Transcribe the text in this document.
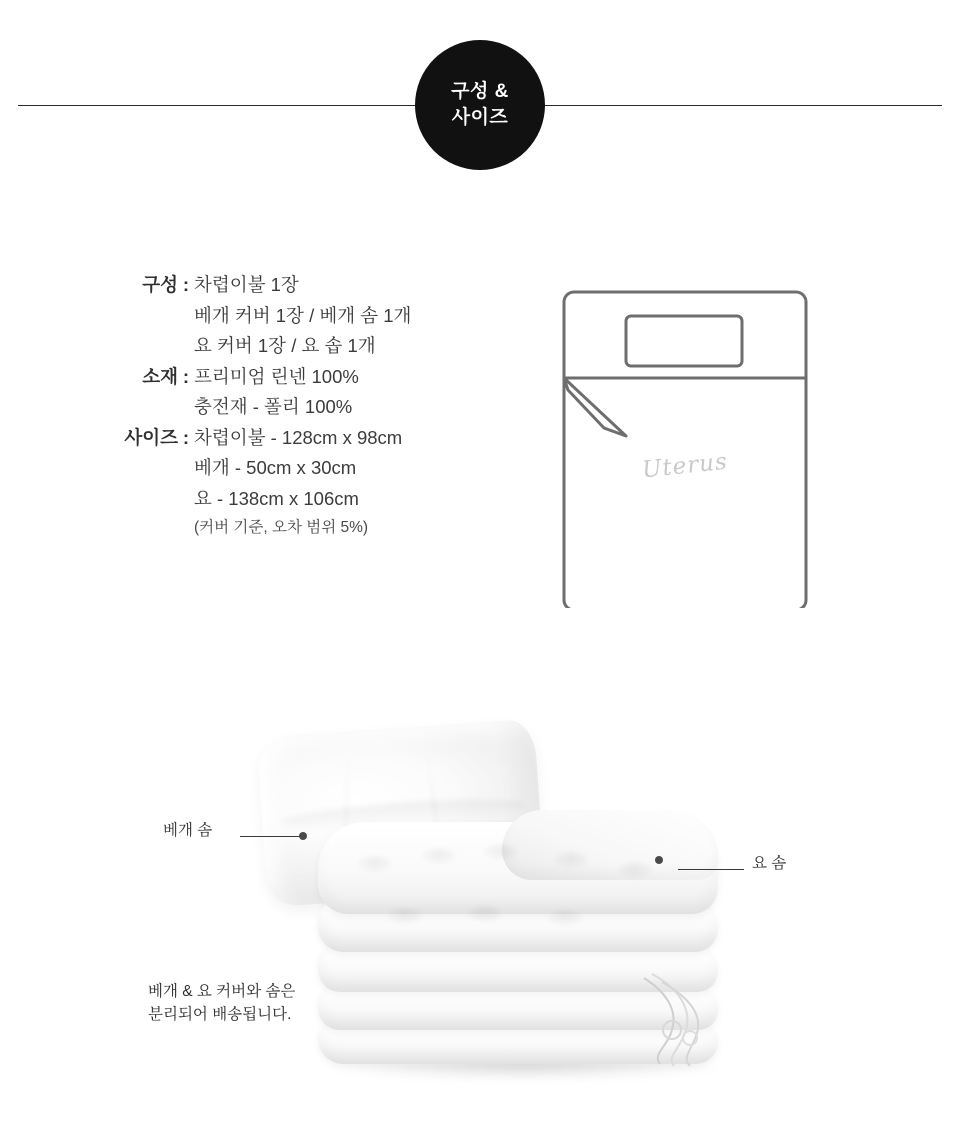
구성 &
사이즈
구성 : 차렵이불 1장
베개 커버 1장 / 베개 솜 1개
요 커버 1장 / 요 솝 1개
소재 : 프리미엄 린넨 100%
충전재 - 폴리 100%
사이즈 : 차렵이불 - 128cm x 98cm
베개 - 50cm x 30cm
요 - 138cm x 106cm
(커버 기준, 오차 범위 5%)
Uterus
베개 솜
요 솜
베개 & 요 커버와 솜은
분리되어 배송됩니다.
